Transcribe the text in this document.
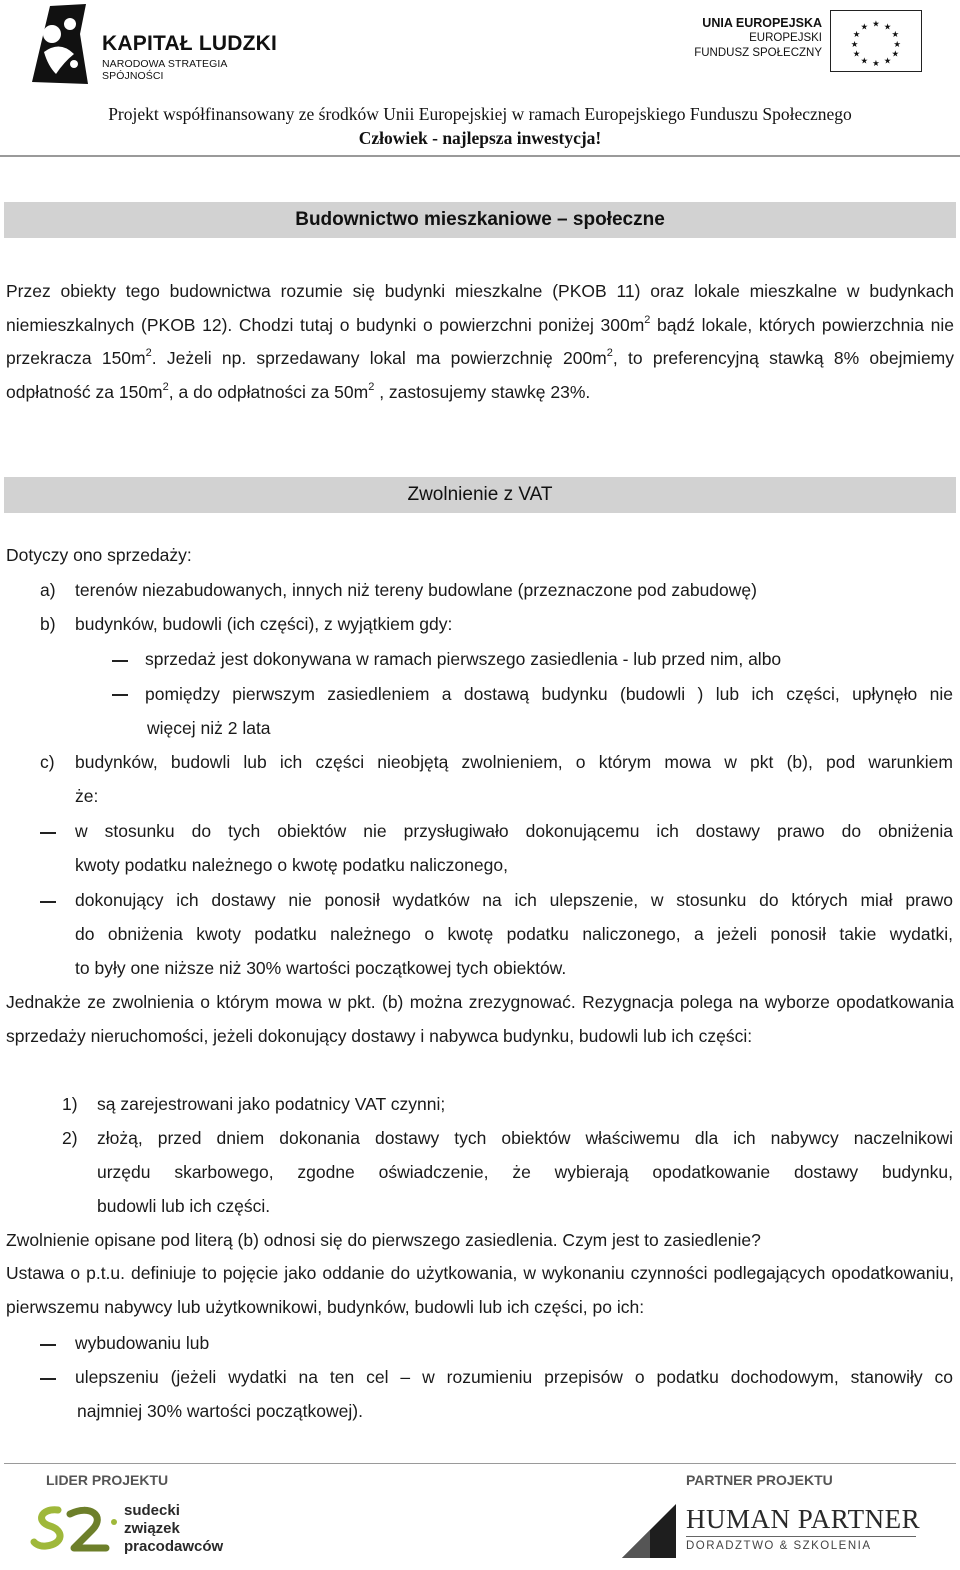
KAPITAŁ LUDZKI
NARODOWA STRATEGIA SPÓJNOŚCI
UNIA EUROPEJSKA
EUROPEJSKI
FUNDUSZ SPOŁECZNY
★ ★
★
★
★
★
★
★
★
★
★
★
Projekt współfinansowany ze środków Unii Europejskiej w ramach Europejskiego Funduszu Społecznego
Człowiek - najlepsza inwestycja!
Budownictwo mieszkaniowe – społeczne

Przez obiekty tego budownictwa rozumie się budynki mieszkalne (PKOB 11) oraz lokale mieszkalne w budynkach niemieszkalnych (PKOB 12). Chodzi tutaj o budynki o powierzchni poniżej $300m^2$ bądź lokale, których powierzchnia nie przekracza $150m^2$. Jeżeli np. sprzedawany lokal ma powierzchnię $200m^2$, to preferencyjną stawką 8% obejmiemy odpłatność za $150m^2$, a do odpłatności za $50m^2$ , zastosujemy stawkę 23%.

Zwolnienie z VAT
Dotyczy ono sprzedaży:
a) terenów niezabudowanych, innych niż tereny budowlane (przeznaczone pod zabudowę)
b) budynków, budowli (ich części), z wyjątkiem gdy:
sprzedaż jest dokonywana w ramach pierwszego zasiedlenia - lub przed nim, albo
pomiędzy pierwszym zasiedleniem a dostawą budynku (budowli ) lub ich części, upłynęło nie
więcej niż 2 lata
c) budynków, budowli lub ich części nieobjętą zwolnieniem, o którym mowa w pkt (b), pod warunkiem
że:
w stosunku do tych obiektów nie przysługiwało dokonującemu ich dostawy prawo do obniżenia
kwoty podatku należnego o kwotę podatku naliczonego,
dokonujący ich dostawy nie ponosił wydatków na ich ulepszenie, w stosunku do których miał prawo
do obniżenia kwoty podatku należnego o kwotę podatku naliczonego, a jeżeli ponosił takie wydatki,
to były one niższe niż 30% wartości początkowej tych obiektów.

Jednakże ze zwolnienia o którym mowa w pkt. (b) można zrezygnować. Rezygnacja polega na wyborze opodatkowania sprzedaży nieruchomości, jeżeli dokonujący dostawy i nabywca budynku, budowli lub ich części:

1) są zarejestrowani jako podatnicy VAT czynni;
2) złożą, przed dniem dokonania dostawy tych obiektów właściwemu dla ich nabywcy naczelnikowi
urzędu skarbowego, zgodne oświadczenie, że wybierają opodatkowanie dostawy budynku,
budowli lub ich części.
Zwolnienie opisane pod literą (b) odnosi się do pierwszego zasiedlenia. Czym jest to zasiedlenie?

Ustawa o p.t.u. definiuje to pojęcie jako oddanie do użytkowania, w wykonaniu czynności podlegających opodatkowaniu, pierwszemu nabywcy lub użytkownikowi, budynków, budowli lub ich części, po ich:

wybudowaniu lub
ulepszeniu (jeżeli wydatki na ten cel – w rozumieniu przepisów o podatku dochodowym, stanowiły co
najmniej 30% wartości początkowej).
LIDER PROJEKTU	PARTNER PROJEKTU
sudecki
związek
pracodawców
HUMAN PARTNER
DORADZTWO & SZKOLENIA
